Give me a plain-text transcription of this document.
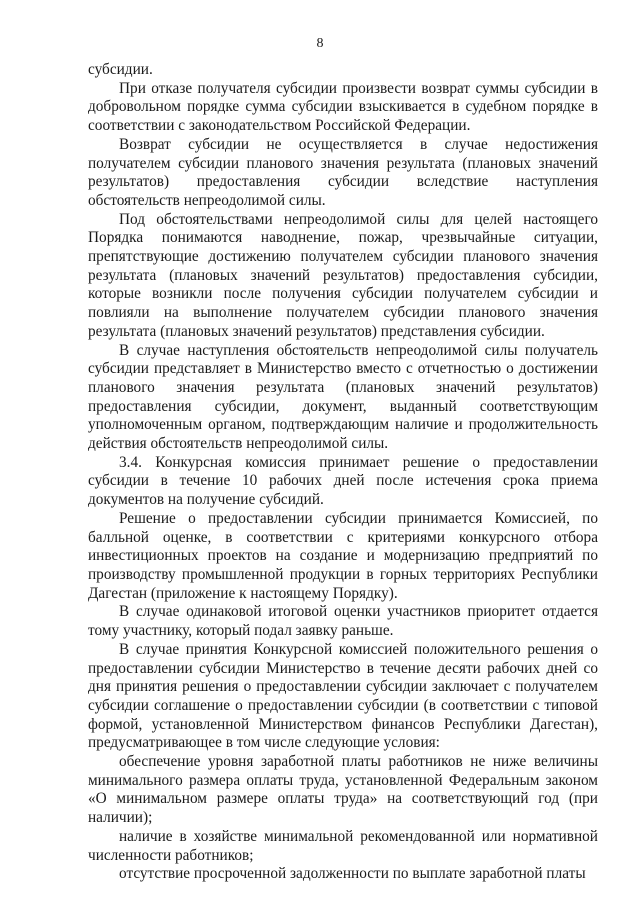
8

субсидии.

При отказе получателя субсидии произвести возврат суммы субсидии в добровольном порядке сумма субсидии взыскивается в судебном порядке в соответствии с законодательством Российской Федерации.

Возврат субсидии не осуществляется в случае недостижения получателем субсидии планового значения результата (плановых значений результатов) предоставления субсидии вследствие наступления обстоятельств непреодолимой силы.

Под обстоятельствами непреодолимой силы для целей настоящего Порядка понимаются наводнение, пожар, чрезвычайные ситуации, препятствующие достижению получателем субсидии планового значения результата (плановых значений результатов) предоставления субсидии, которые возникли после получения субсидии получателем субсидии и повлияли на выполнение получателем субсидии планового значения результата (плановых значений результатов) представления субсидии.

В случае наступления обстоятельств непреодолимой силы получатель субсидии представляет в Министерство вместо с отчетностью о достижении планового значения результата (плановых значений результатов) предоставления субсидии, документ, выданный соответствующим уполномоченным органом, подтверждающим наличие и продолжительность действия обстоятельств непреодолимой силы.

3.4. Конкурсная комиссия принимает решение о предоставлении субсидии в течение 10 рабочих дней после истечения срока приема документов на получение субсидий.

Решение о предоставлении субсидии принимается Комиссией, по балльной оценке, в соответствии с критериями конкурсного отбора инвестиционных проектов на создание и модернизацию предприятий по производству промышленной продукции в горных территориях Республики Дагестан (приложение к настоящему Порядку).

В случае одинаковой итоговой оценки участников приоритет отдается тому участнику, который подал заявку раньше.

В случае принятия Конкурсной комиссией положительного решения о предоставлении субсидии Министерство в течение десяти рабочих дней со дня принятия решения о предоставлении субсидии заключает с получателем субсидии соглашение о предоставлении субсидии (в соответствии с типовой формой, установленной Министерством финансов Республики Дагестан), предусматривающее в том числе следующие условия:

обеспечение уровня заработной платы работников не ниже величины минимального размера оплаты труда, установленной Федеральным законом «О минимальном размере оплаты труда» на соответствующий год (при наличии);

наличие в хозяйстве минимальной рекомендованной или нормативной численности работников;

отсутствие просроченной задолженности по выплате заработной платы
